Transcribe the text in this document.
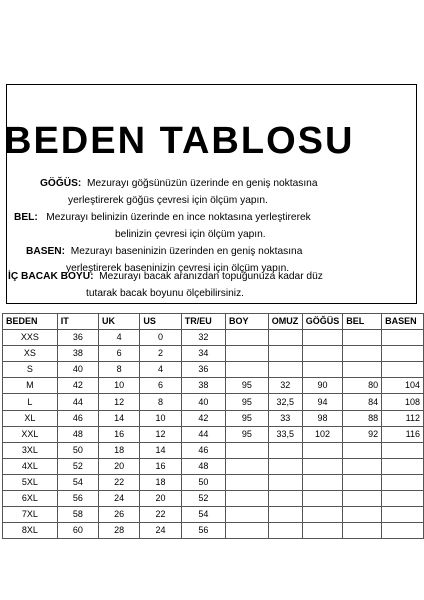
BEDEN TABLOSU
GÖĞÜS: Mezurayı göğsünüzün üzerinde en geniş noktasına
yerleştirerek göğüs çevresi için ölçüm yapın.
BEL: Mezurayı belinizin üzerinde en ince noktasına yerleştirerek
belinizin çevresi için ölçüm yapın.
BASEN: Mezurayı baseninizin üzerinden en geniş noktasına
yerleştirerek baseninizin çevresi için ölçüm yapın.
İÇ BACAK BOYU: Mezurayı bacak aranızdan topuğunuza kadar düz
tutarak bacak boyunu ölçebilirsiniz.
BEDEN	IT	UK	US	TR/EU	BOY	OMUZ	GÖĞÜS	BEL	BASEN
XXS	36	4	0	32					
XS	38	6	2	34					
S	40	8	4	36					
M	42	10	6	38	95	32	90	80	104
L	44	12	8	40	95	32,5	94	84	108
XL	46	14	10	42	95	33	98	88	112
XXL	48	16	12	44	95	33,5	102	92	116
3XL	50	18	14	46					
4XL	52	20	16	48					
5XL	54	22	18	50					
6XL	56	24	20	52					
7XL	58	26	22	54					
8XL	60	28	24	56					
